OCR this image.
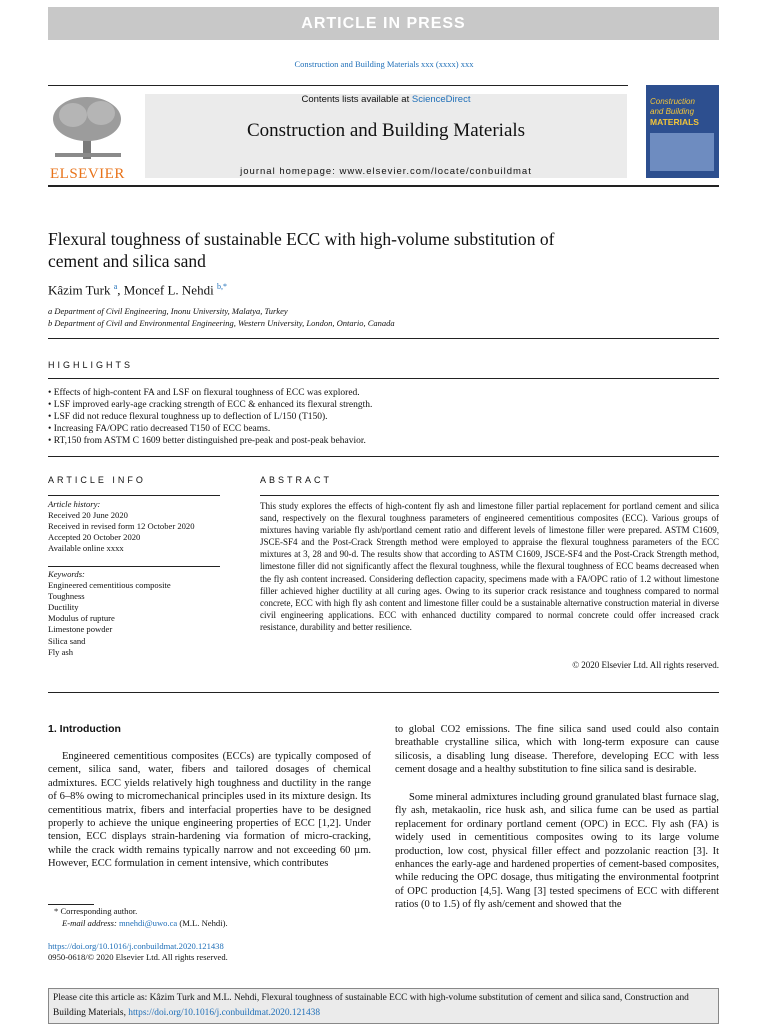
ARTICLE IN PRESS
Construction and Building Materials xxx (xxxx) xxx
ELSEVIER
Contents lists available at ScienceDirect
Construction and Building Materials
journal homepage: www.elsevier.com/locate/conbuildmat
Construction
and Building
MATERIALS
Flexural toughness of sustainable ECC with high-volume substitution of
cement and silica sand
Kâzim Turk $^a$, Moncef L. Nehdi $^{b,*}$
a Department of Civil Engineering, Inonu University, Malatya, Turkey
b Department of Civil and Environmental Engineering, Western University, London, Ontario, Canada
HIGHLIGHTS
• Effects of high-content FA and LSF on flexural toughness of ECC was explored.
• LSF improved early-age cracking strength of ECC & enhanced its flexural strength.
• LSF did not reduce flexural toughness up to deflection of L/150 (T150).
• Increasing FA/OPC ratio decreased T150 of ECC beams.
• RT,150 from ASTM C 1609 better distinguished pre-peak and post-peak behavior.
ARTICLE INFO
Article history:
Received 20 June 2020
Received in revised form 12 October 2020
Accepted 20 October 2020
Available online xxxx
Keywords:
Engineered cementitious composite
Toughness
Ductility
Modulus of rupture
Limestone powder
Silica sand
Fly ash
ABSTRACT
This study explores the effects of high-content fly ash and limestone filler partial replacement for portland cement and silica sand, respectively on the flexural toughness parameters of engineered cementitious composites (ECC). Various groups of mixtures having variable fly ash/portland cement ratio and different levels of limestone filler were prepared. ASTM C1609, JSCE-SF4 and the Post-Crack Strength method were employed to appraise the flexural toughness parameters of the ECC mixtures at 3, 28 and 90-d. The results show that according to ASTM C1609, JSCE-SF4 and the Post-Crack Strength method, limestone filler did not significantly affect the flexural toughness, while the flexural toughness of ECC beams decreased when the fly ash content increased. Considering deflection capacity, specimens made with a FA/OPC ratio of 1.2 without limestone filler achieved higher ductility at all curing ages. Owing to its superior crack resistance and toughness compared to normal concrete, ECC with high fly ash content and limestone filler could be a sustainable alternative construction material in diverse civil engineering applications. ECC with enhanced ductility compared to normal concrete could offer increased crack resistance, durability and better resilience.
© 2020 Elsevier Ltd. All rights reserved.
1. Introduction
Engineered cementitious composites (ECCs) are typically composed of cement, silica sand, water, fibers and tailored dosages of chemical admixtures. ECC yields relatively high toughness and ductility in the range of 6–8% owing to micromechanical principles used in its mixture design. Its cementitious matrix, fibers and interfacial properties have to be designed properly to achieve the unique engineering properties of ECC [1,2]. Under tension, ECC displays strain-hardening via formation of micro-cracking, while the crack width remains typically narrow and not exceeding 60 µm. However, ECC formulation in cement intensive, which contributes
to global CO2 emissions. The fine silica sand used could also contain breathable crystalline silica, which with long-term exposure can cause silicosis, a disabling lung disease. Therefore, developing ECC with less cement dosage and a healthy substitution to fine silica sand is desirable.
Some mineral admixtures including ground granulated blast furnace slag, fly ash, metakaolin, rice husk ash, and silica fume can be used as partial replacement for ordinary portland cement (OPC) in ECC. Fly ash (FA) is widely used in cementitious composites owing to its large volume production, low cost, physical filler effect and pozzolanic reaction [3]. It enhances the early-age and hardened properties of cement-based composites, while reducing the OPC dosage, thus mitigating the environmental footprint of OPC production [4,5]. Wang [3] tested specimens of ECC with different ratios (0 to 1.5) of fly ash/cement and showed that the
* Corresponding author.
E-mail address: mnehdi@uwo.ca (M.L. Nehdi).
https://doi.org/10.1016/j.conbuildmat.2020.121438
0950-0618/© 2020 Elsevier Ltd. All rights reserved.
Please cite this article as: Kâzim Turk and M.L. Nehdi, Flexural toughness of sustainable ECC with high-volume substitution of cement and silica sand, Construction and Building Materials, https://doi.org/10.1016/j.conbuildmat.2020.121438
